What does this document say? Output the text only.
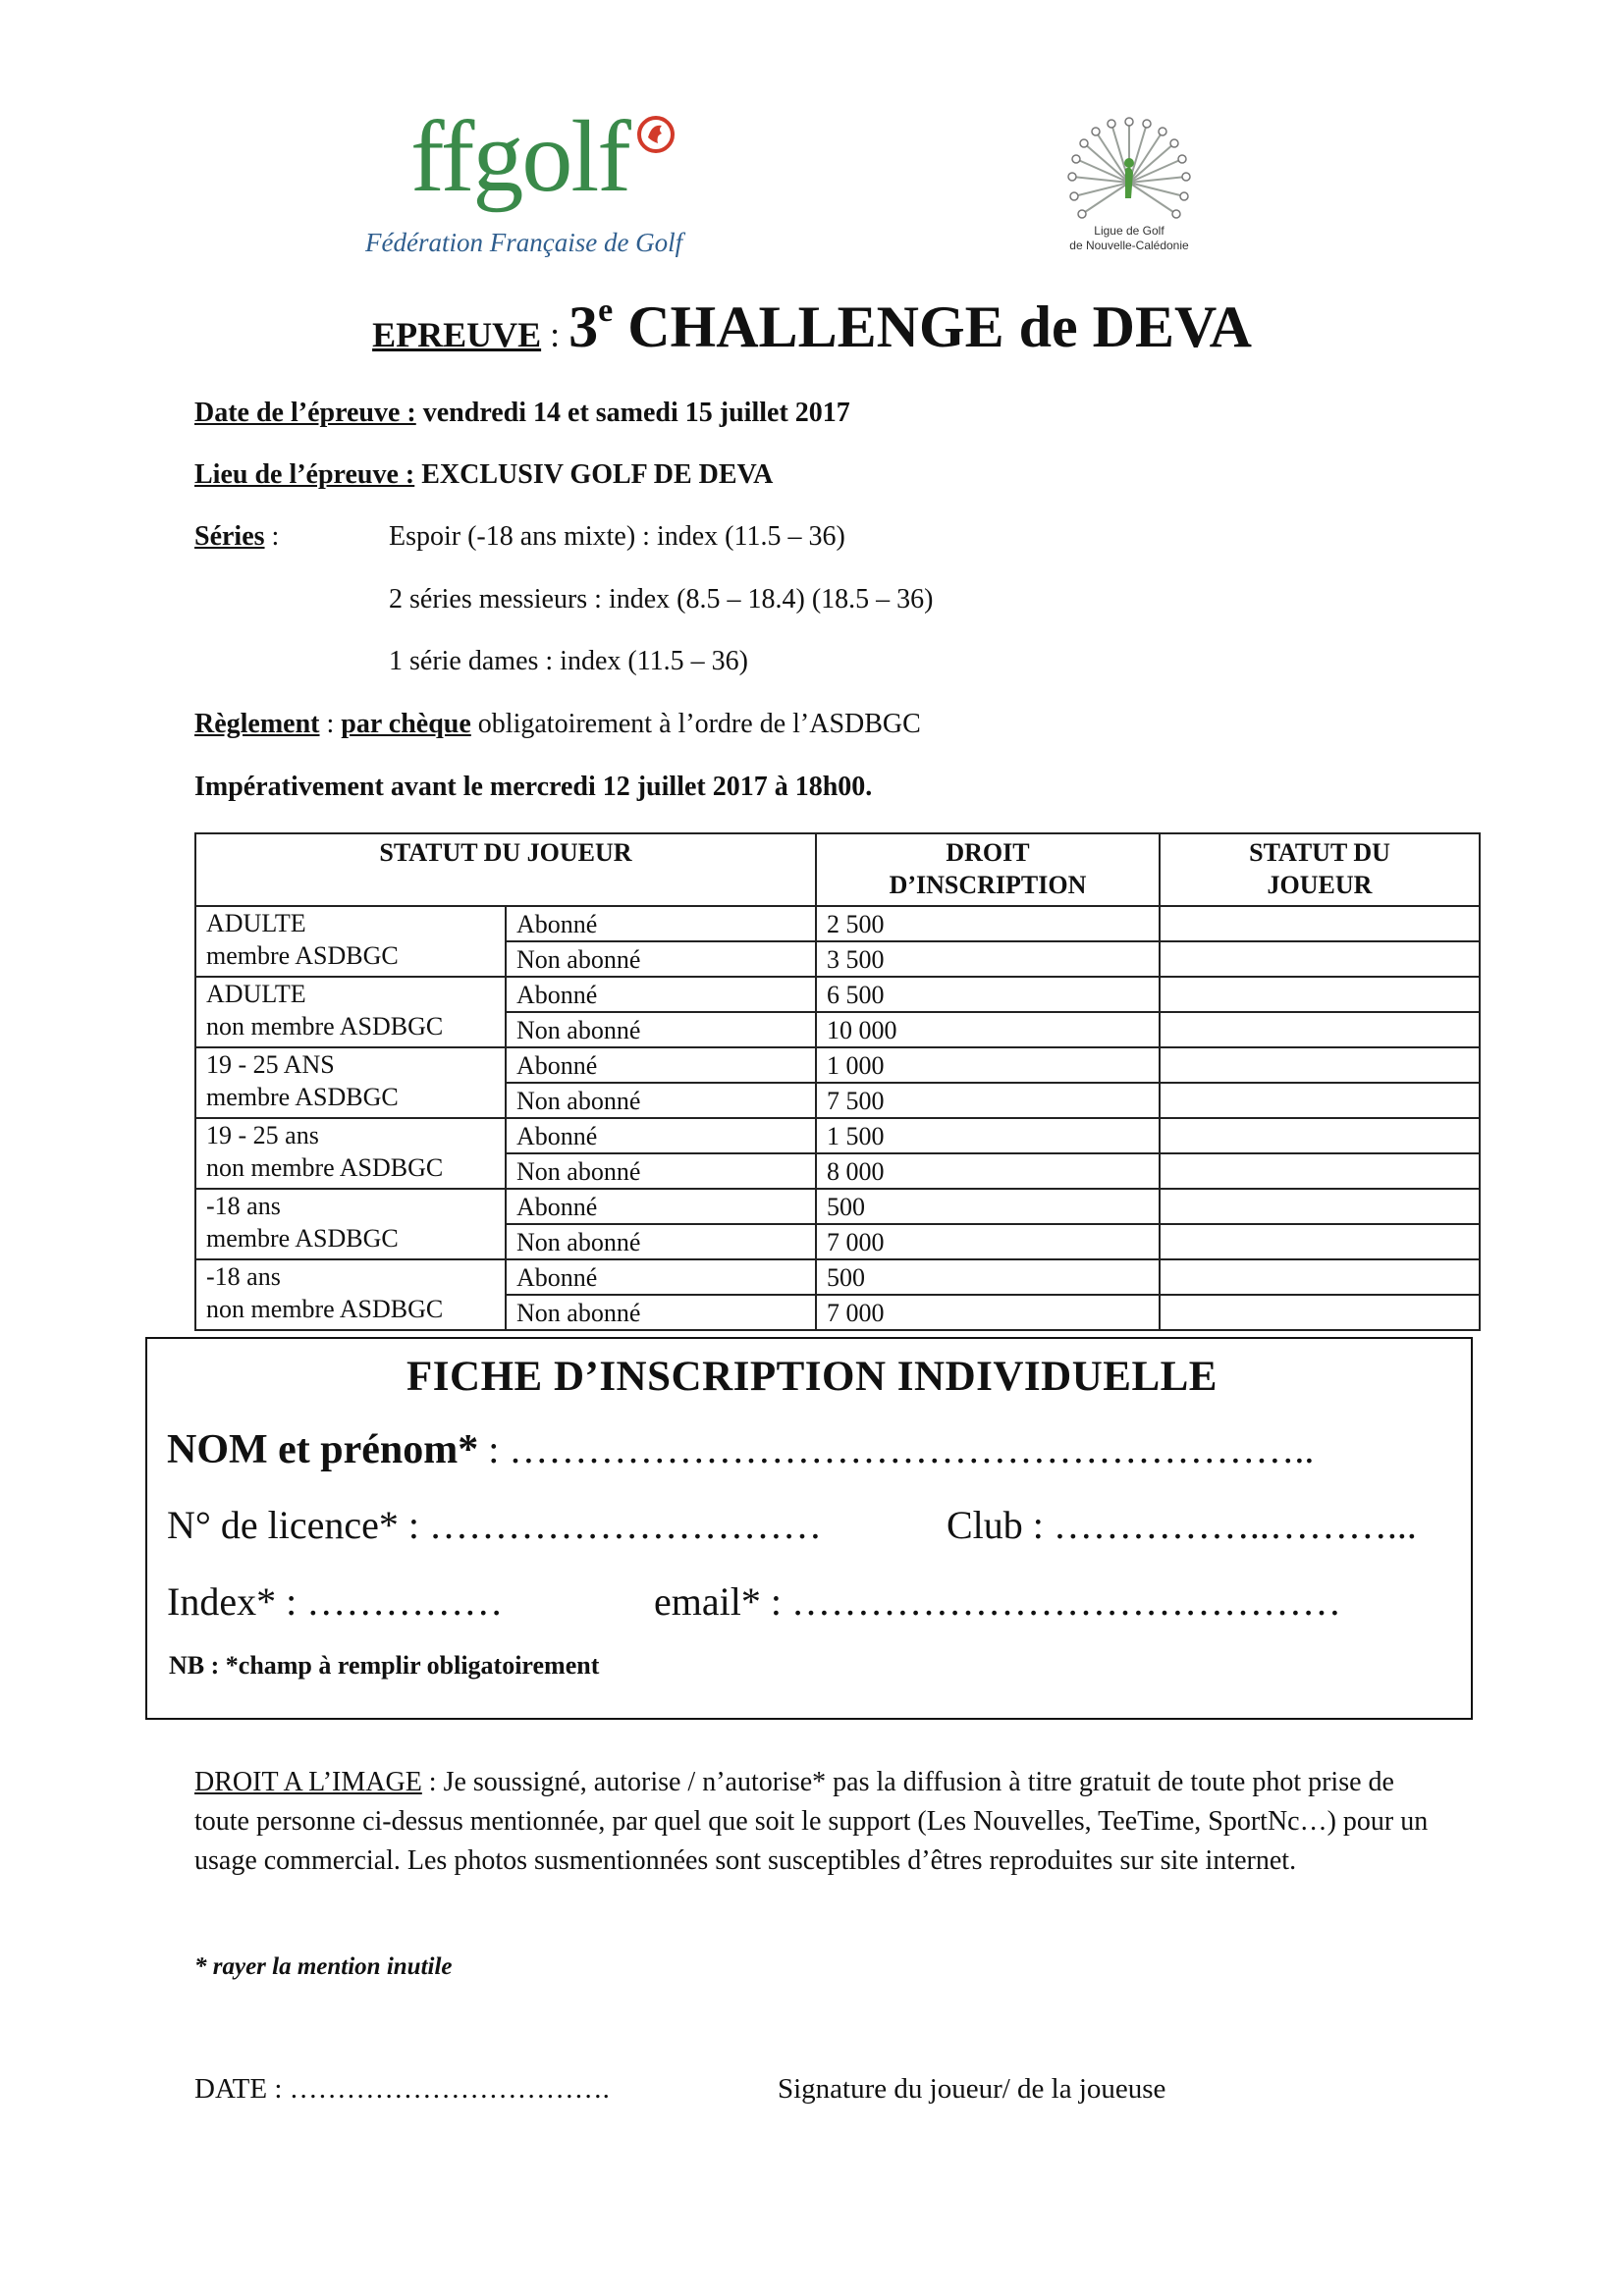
ffgolf
Fédération Française de Golf	Ligue de Golf
de Nouvelle-Calédonie
EPREUVE : 3e CHALLENGE de DEVA
Date de l’épreuve : vendredi 14 et samedi 15 juillet 2017
Lieu de l’épreuve : EXCLUSIV GOLF DE DEVA
Séries :	Espoir (-18 ans mixte) : index (11.5 – 36)
2 séries messieurs : index (8.5 – 18.4) (18.5 – 36)
1 série dames : index (11.5 – 36)
Règlement : par chèque obligatoirement à l’ordre de l’ASDBGC
Impérativement avant le mercredi 12 juillet 2017 à 18h00.
STATUT DU JOUEUR		DROIT D’INSCRIPTION	STATUT DU JOUEUR
ADULTE
membre ASDBGC	Abonné	2 500	
	Non abonné	3 500	
ADULTE
non membre ASDBGC	Abonné	6 500	
	Non abonné	10 000	
19 - 25 ANS
membre ASDBGC	Abonné	1 000	
	Non abonné	7 500	
19 - 25 ans
non membre ASDBGC	Abonné	1 500	
	Non abonné	8 000	
-18 ans
membre ASDBGC	Abonné	500	
	Non abonné	7 000	
-18 ans
non membre ASDBGC	Abonné	500	
	Non abonné	7 000	
FICHE D’INSCRIPTION INDIVIDUELLE
NOM et prénom* : ……………………………………………………..
N° de licence* : …………………………	Club : ……………..………...
Index* : ……………	email* : ……………………………………
NB : *champ à remplir obligatoirement
DROIT A L’IMAGE : Je soussigné, autorise / n’autorise* pas la diffusion à titre gratuit de toute phot prise de toute personne ci-dessus mentionnée, par quel que soit le support (Les Nouvelles, TeeTime, SportNc…) pour un usage commercial. Les photos susmentionnées sont susceptibles d’êtres reproduites sur site internet.
* rayer la mention inutile
DATE : …………………………….	Signature du joueur/ de la joueuse
